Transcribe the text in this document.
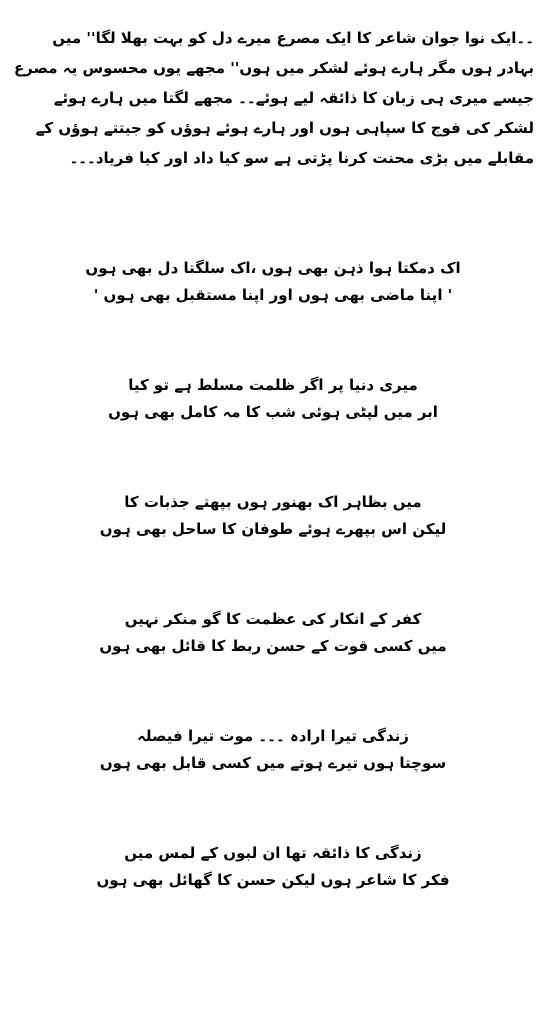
۔۔ایک نوا جوان شاعر کا ایک مصرع میرے دل کو بہت بھلا لگا'' میں بہادر ہوں مگر ہارے ہوئے لشکر میں ہوں'' مجھے یوں محسوس یہ مصرع جیسے میری ہی زبان کا ذائقہ لیے ہوئے۔۔ مجھے لگتا میں ہارے ہوئے لشکر کی فوج کا سپاہی ہوں اور ہارے ہوئے ہوؤں کو جیتتے ہوؤں کے مقابلے میں بڑی محنت کرنا پڑتی ہے سو کیا داد اور کیا فریاد۔۔۔

اک دمکتا ہوا ذہن بھی ہوں ،اک سلگتا دل بھی ہوں
' اپنا ماضی بھی ہوں اور اپنا مستقبل بھی ہوں '
میری دنیا پر اگر ظلمت مسلط ہے تو کیا
ابر میں لپٹی ہوئی شب کا مہ کامل بھی ہوں
میں بظاہر اک بھنور ہوں بپھتے جذبات کا
لیکن اس بپھرے ہوئے طوفان کا ساحل بھی ہوں
کفر کے انکار کی عظمت کا گو منکر نہیں
میں کسی قوت کے حسن ربط کا قائل بھی ہوں
زندگی تیرا ارادہ ۔۔۔ موت تیرا فیصلہ
سوچتا ہوں تیرے ہوتے میں کسی قابل بھی ہوں
زندگی کا ذائقہ تھا ان لبوں کے لمس میں
فکر کا شاعر ہوں لیکن حسن کا گھائل بھی ہوں
